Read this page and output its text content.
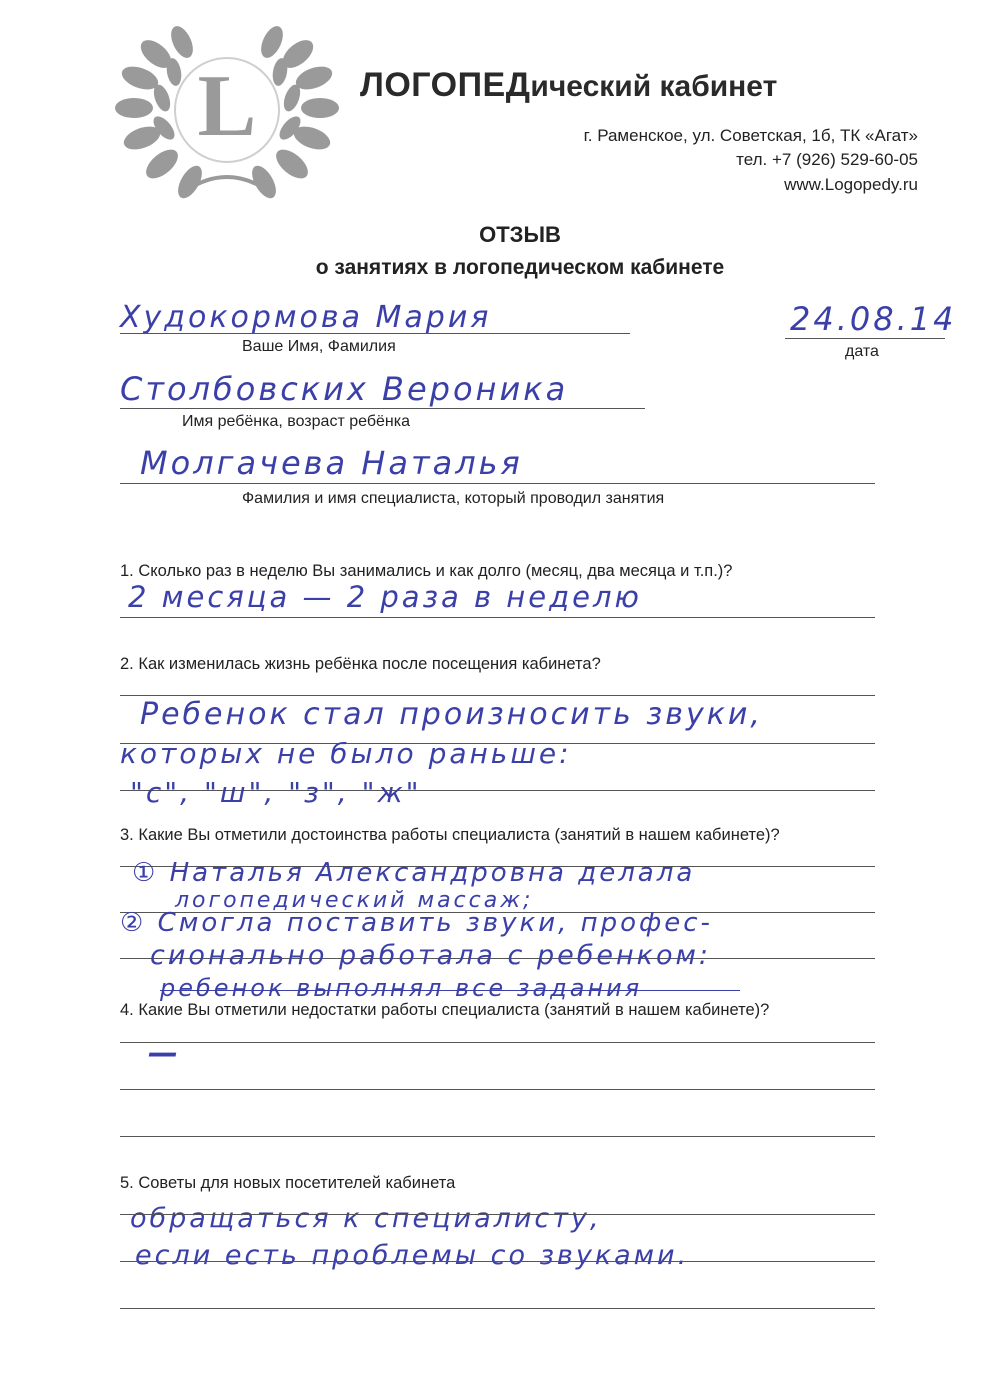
L	ЛОГОПЕДический кабинет
г. Раменское, ул. Советская, 1б, ТК «Агат»
тел. +7 (926) 529-60-05
www.Logopedy.ru
ОТЗЫВ
о занятиях в логопедическом кабинете
Худокормова Мария
Ваше Имя, Фамилия
24.08.14
дата
Столбовских Вероника
Имя ребёнка, возраст ребёнка
Молгачева Наталья
Фамилия и имя специалиста, который проводил занятия
1. Сколько раз в неделю Вы занимались и как долго (месяц, два месяца и т.п.)?
2 месяца — 2 раза в неделю
2. Как изменилась жизнь ребёнка после посещения кабинета?
Ребенок стал произносить звуки,
которых не было раньше:
"с", "ш", "з", "ж"
3. Какие Вы отметили достоинства работы специалиста (занятий в нашем кабинете)?
① Наталья Александровна делала
логопедический массаж;
② Смогла поставить звуки, профес-
сионально работала с ребенком:
ребенок выполнял все задания
4. Какие Вы отметили недостатки работы специалиста (занятий в нашем кабинете)?
—
5. Советы для новых посетителей кабинета
обращаться к специалисту,
если есть проблемы со звуками.
